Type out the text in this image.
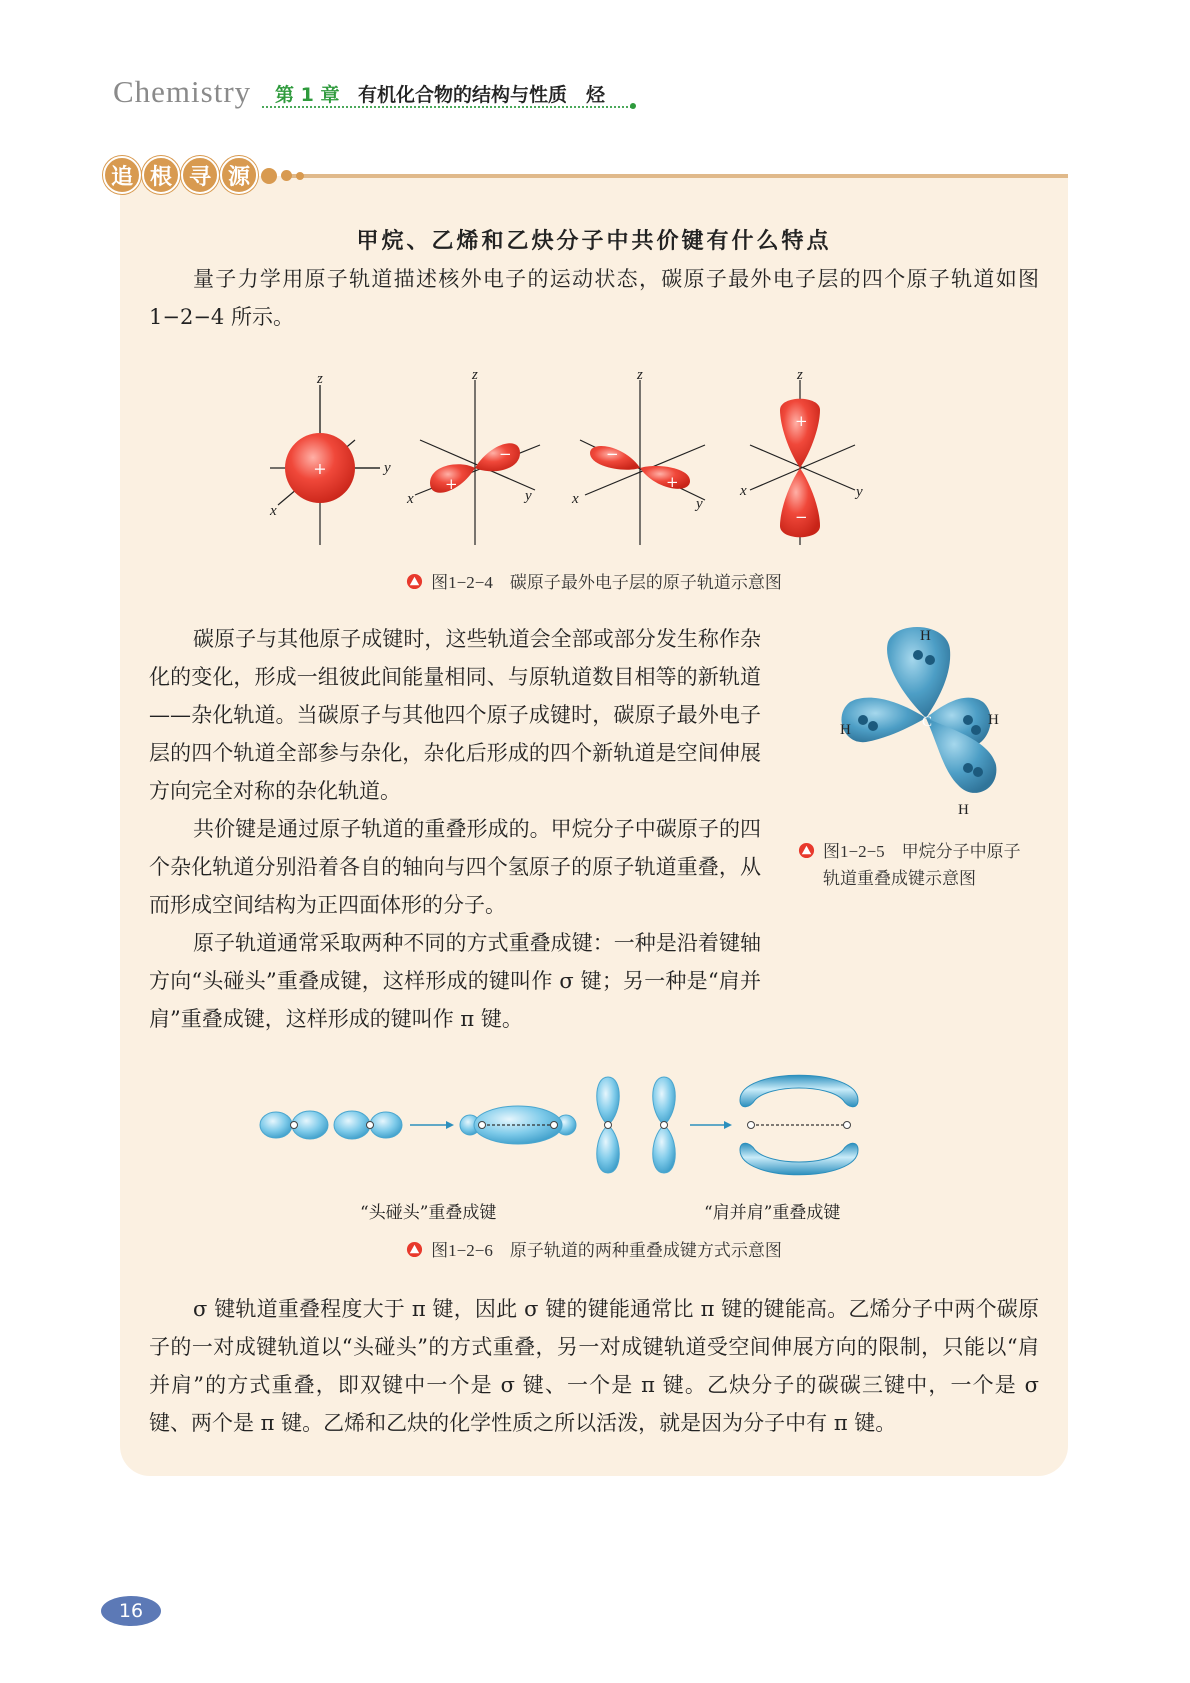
Chemistry 第 1 章 有机化合物的结构与性质　烃
追 根 寻 源
甲烷、乙烯和乙炔分子中共价键有什么特点
量子力学用原子轨道描述核外电子的运动状态，碳原子最外电子层的四个原子轨道如图 1−2−4 所示。
+
z
y
x
+
−
z
y
x
−
+
z
y
x
+
−
z
y
x
图1−2−4　碳原子最外电子层的原子轨道示意图

碳原子与其他原子成键时，这些轨道会全部或部分发生称作杂化的变化，形成一组彼此间能量相同、与原轨道数目相等的新轨道——杂化轨道。当碳原子与其他四个原子成键时，碳原子最外电子层的四个轨道全部参与杂化，杂化后形成的四个新轨道是空间伸展方向完全对称的杂化轨道。

共价键是通过原子轨道的重叠形成的。甲烷分子中碳原子的四个杂化轨道分别沿着各自的轴向与四个氢原子的原子轨道重叠，从而形成空间结构为正四面体形的分子。

原子轨道通常采取两种不同的方式重叠成键：一种是沿着键轴方向“头碰头”重叠成键，这样形成的键叫作 σ 键；另一种是“肩并肩”重叠成键，这样形成的键叫作 π 键。

H
C	H
H
H
图1−2−5　甲烷分子中原子
轨道重叠成键示意图
“头碰头”重叠成键	“肩并肩”重叠成键
图1−2−6　原子轨道的两种重叠成键方式示意图
σ 键轨道重叠程度大于 π 键，因此 σ 键的键能通常比 π 键的键能高。乙烯分子中两个碳原子的一对成键轨道以“头碰头”的方式重叠，另一对成键轨道受空间伸展方向的限制，只能以“肩并肩”的方式重叠，即双键中一个是 σ 键、一个是 π 键。乙炔分子的碳碳三键中，一个是 σ 键、两个是 π 键。乙烯和乙炔的化学性质之所以活泼，就是因为分子中有 π 键。
16
